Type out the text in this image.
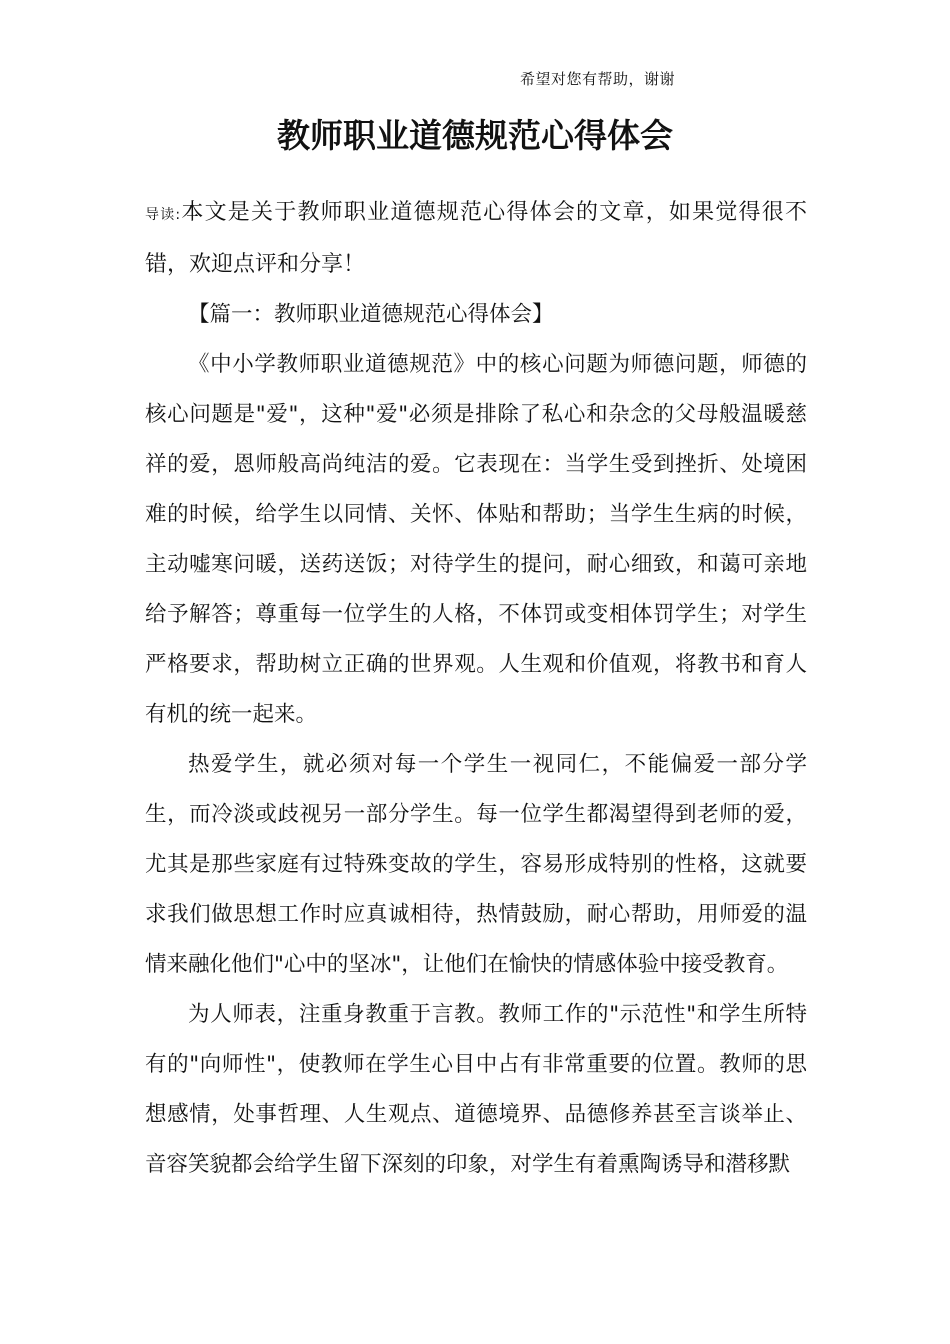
希望对您有帮助，谢谢
教师职业道德规范心得体会

导读:本文是关于教师职业道德规范心得体会的文章，如果觉得很不错，欢迎点评和分享！

【篇一：教师职业道德规范心得体会】

《中小学教师职业道德规范》中的核心问题为师德问题，师德的核心问题是"爱"，这种"爱"必须是排除了私心和杂念的父母般温暖慈祥的爱，恩师般高尚纯洁的爱。它表现在：当学生受到挫折、处境困难的时候，给学生以同情、关怀、体贴和帮助；当学生生病的时候，主动嘘寒问暖，送药送饭；对待学生的提问，耐心细致，和蔼可亲地给予解答；尊重每一位学生的人格，不体罚或变相体罚学生；对学生严格要求，帮助树立正确的世界观。人生观和价值观，将教书和育人有机的统一起来。

热爱学生，就必须对每一个学生一视同仁，不能偏爱一部分学生，而冷淡或歧视另一部分学生。每一位学生都渴望得到老师的爱，尤其是那些家庭有过特殊变故的学生，容易形成特别的性格，这就要求我们做思想工作时应真诚相待，热情鼓励，耐心帮助，用师爱的温情来融化他们"心中的坚冰"，让他们在愉快的情感体验中接受教育。

为人师表，注重身教重于言教。教师工作的"示范性"和学生所特有的"向师性"，使教师在学生心目中占有非常重要的位置。教师的思想感情，处事哲理、人生观点、道德境界、品德修养甚至言谈举止、音容笑貌都会给学生留下深刻的印象，对学生有着熏陶诱导和潜移默
